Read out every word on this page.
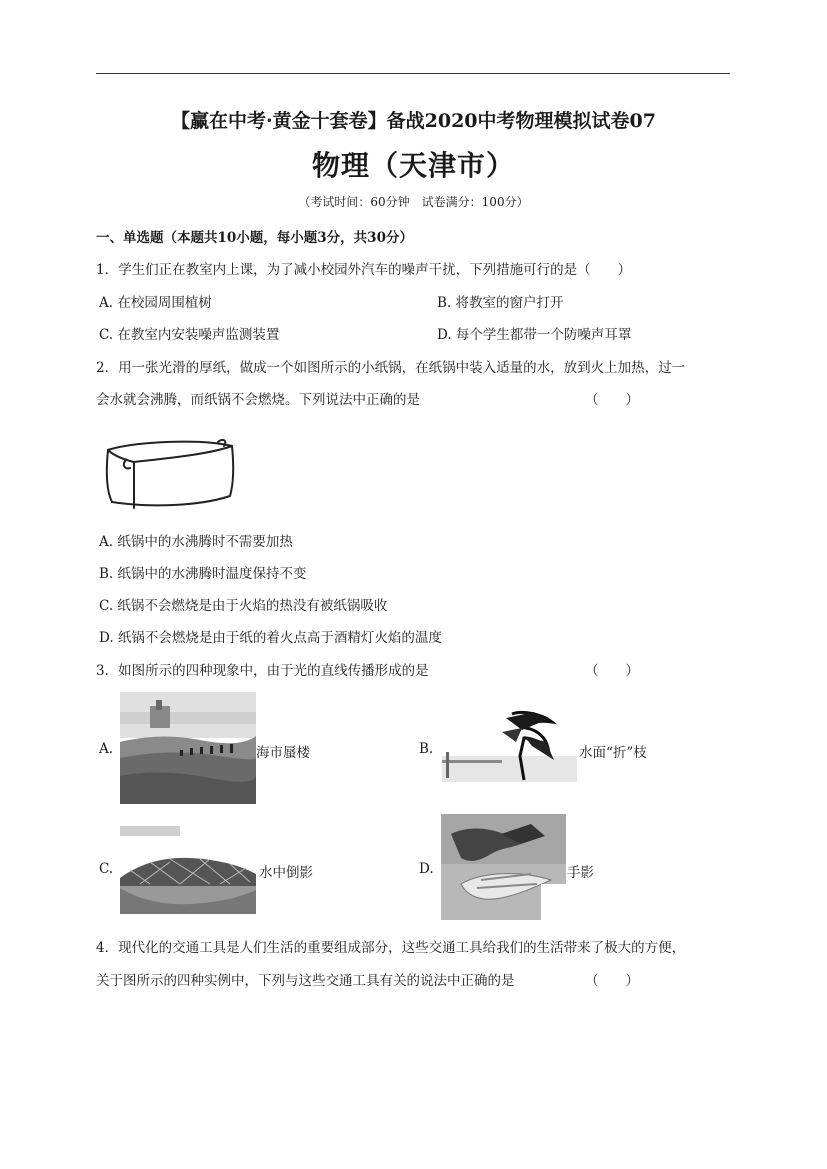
【赢在中考·黄金十套卷】备战2020中考物理模拟试卷07
物理（天津市）
（考试时间：60分钟　试卷满分：100分）
一、单选题（本题共10小题，每小题3分，共30分）
1．学生们正在教室内上课，为了减小校园外汽车的噪声干扰，下列措施可行的是（　　）
A. 在校园周围植树	B. 将教室的窗户打开
C. 在教室内安装噪声监测装置	D. 每个学生都带一个防噪声耳罩
2．用一张光滑的厚纸，做成一个如图所示的小纸锅，在纸锅中装入适量的水，放到火上加热，过一
会水就会沸腾，而纸锅不会燃烧。下列说法中正确的是	（　　）
A. 纸锅中的水沸腾时不需要加热
B. 纸锅中的水沸腾时温度保持不变
C. 纸锅不会燃烧是由于火焰的热没有被纸锅吸收
D. 纸锅不会燃烧是由于纸的着火点高于酒精灯火焰的温度
3．如图所示的四种现象中，由于光的直线传播形成的是	（　　）
A.	海市蜃楼	B.	水面“折”枝
C.	水中倒影	D.	手影
4．现代化的交通工具是人们生活的重要组成部分，这些交通工具给我们的生活带来了极大的方便，
关于图所示的四种实例中，下列与这些交通工具有关的说法中正确的是	（　　）
